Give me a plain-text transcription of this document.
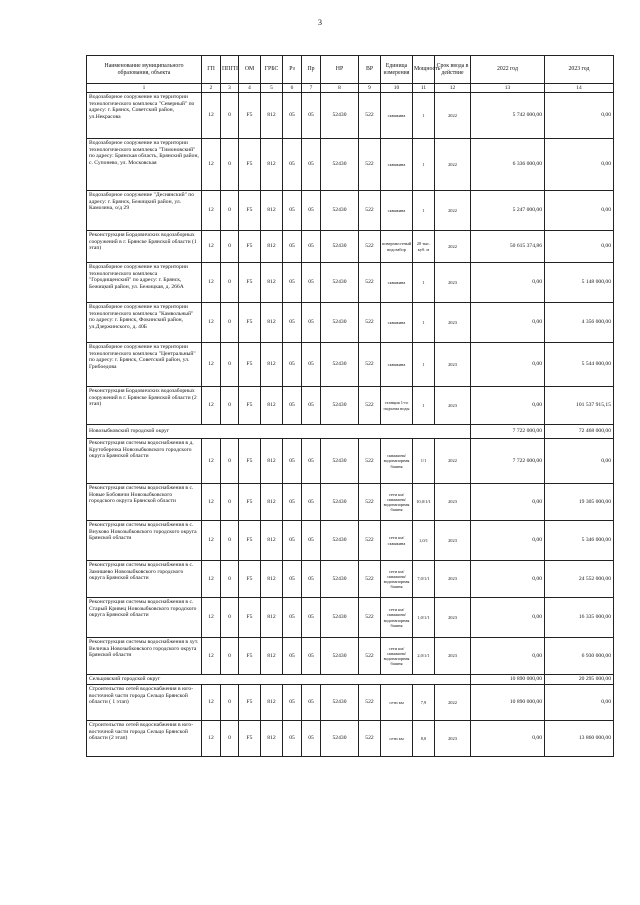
3
Наименование муниципального образования, объекта	ГП	ППГП	ОМ	ГРБС	Рз	Пр	НР	ВР	Единица измерения	Мощность	Срок ввода в действие	2022 год	2023 год
1	2	3	4	5	6	7	8	9	10	11	12	13	14
Водозаборное сооружение на территории технологического комплекса "Северный" по адресу: г. Брянск, Советский район, ул.Некрасова	12	0	F5	812	05	05	52430	522	скважина	1	2022	5 742 000,00	0,00
Водозаборное сооружение на территории технологического комплекса "Тимоновский" по адресу: Брянская область, Брянский район, с. Супонево, ул. Московская	12	0	F5	812	05	05	52430	522	скважина	1	2022	6 336 000,00	0,00
Водозаборное сооружение "Деснянский" по адресу: г. Брянск, Бежицкий район, ул. Камозина, о/д 29	12	0	F5	812	05	05	52430	522	скважина	1	2022	5 247 000,00	0,00
Реконструкция Бордовичских водозаборных сооружений в г. Брянске Брянской области (1 этап)	12	0	F5	812	05	05	52430	522	поверхностный водозабор	20 тыс. куб. м	2022	50 615 374,86	0,00
Водозаборное сооружение на территории технологического комплекса "Городищенский" по адресу: г. Брянск, Бежицкий район, ул. Бежицкая, д. 266А	12	0	F5	812	05	05	52430	522	скважина	1	2023	0,00	5 148 000,00
Водозаборное сооружение на территории технологического комплекса "Камвольный" по адресу: г. Брянск, Фокинский район, ул.Дзержинского, д. 40Б	12	0	F5	812	05	05	52430	522	скважина	1	2023	0,00	4 356 000,00
Водозаборное сооружение на территории технологического комплекса "Центральный" по адресу: г. Брянск, Советский район, ул. Грибоедова	12	0	F5	812	05	05	52430	522	скважина	1	2023	0,00	5 544 000,00
Реконструкция Бордовичских водозаборных сооружений в г. Брянске Брянской области (2 этап)	12	0	F5	812	05	05	52430	522	станция 1-го подъема воды	1	2023	0,00	101 537 915,15
Новозыбковский городской округ												7 722 000,00	72 468 000,00
Реконструкция системы водоснабжения в д. Крутоберезка Новозыбковского городского округа Брянской области	12	0	F5	812	05	05	52430	522	скважина/водонапорная башня	1/1	2022	7 722 000,00	0,00
Реконструкция системы водоснабжения в с. Новые Бобовичи Новозыбковского городского округа Брянской области	12	0	F5	812	05	05	52430	522	сети км/скважина/водонапорная башня	10,0/1/1	2023	0,00	19 305 000,00
Реконструкция системы водоснабжения в с. Внуково Новозыбковского городского округа Брянской области	12	0	F5	812	05	05	52430	522	сети км/скважина	1,0/1	2023	0,00	5 346 000,00
Реконструкция системы водоснабжения в с. Замишево Новозыбковского городского округа Брянской области	12	0	F5	812	05	05	52430	522	сети км/скважина/водонапорная башня	7,0/1/1	2023	0,00	24 552 000,00
Реконструкция системы водоснабжения в с. Старый Кривец Новозыбковского городского округа Брянской области	12	0	F5	812	05	05	52430	522	сети км/скважина/водонапорная башня	1,0/1/1	2023	0,00	16 335 000,00
Реконструкция системы водоснабжения в хут. Величка Новозыбковского городского округа Брянской области	12	0	F5	812	05	05	52430	522	сети км/скважина/водонапорная башня	2,0/1/1	2023	0,00	6 930 000,00
Сельцовский городской округ												10 890 000,00	20 295 000,00
Строительство сетей водоснабжения в юго-восточной части города Сельцо Брянской области ( 1 этап)	12	0	F5	812	05	05	52430	522	сети км	7,9	2022	10 890 000,00	0,00
Строительство сетей водоснабжения в юго-восточной части города Сельцо Брянской области (2 этап)	12	0	F5	812	05	05	52430	522	сети км	8,0	2023	0,00	13 860 000,00
